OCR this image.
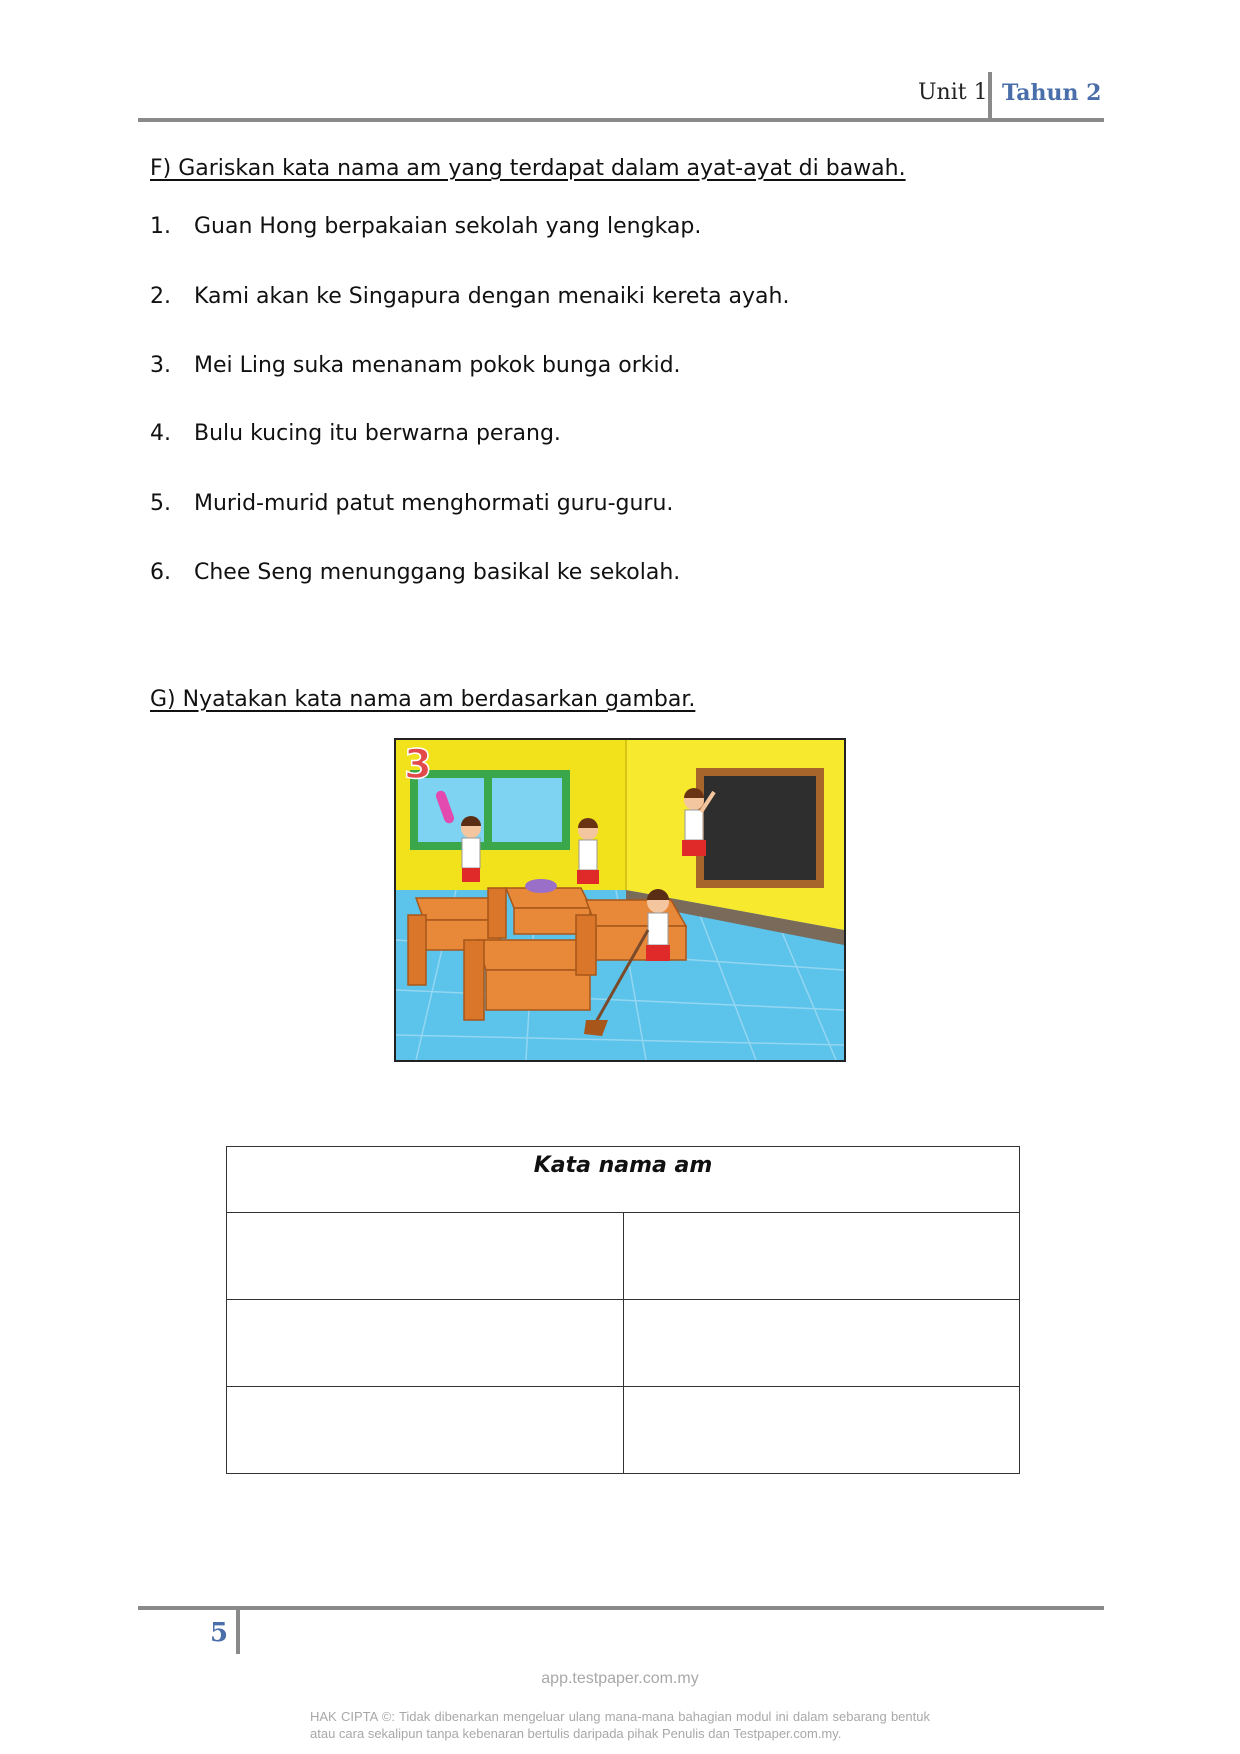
Unit 1 Tahun 2
F) Gariskan kata nama am yang terdapat dalam ayat-ayat di bawah.
1. Guan Hong berpakaian sekolah yang lengkap.
2. Kami akan ke Singapura dengan menaiki kereta ayah.
3. Mei Ling suka menanam pokok bunga orkid.
4. Bulu kucing itu berwarna perang.
5. Murid-murid patut menghormati guru-guru.
6. Chee Seng menunggang basikal ke sekolah.
G) Nyatakan kata nama am berdasarkan gambar.
3
Kata nama am	

5
app.testpaper.com.my
HAK CIPTA ©: Tidak dibenarkan mengeluar ulang mana-mana bahagian modul ini dalam sebarang bentuk atau cara sekalipun tanpa kebenaran bertulis daripada pihak Penulis dan Testpaper.com.my.
